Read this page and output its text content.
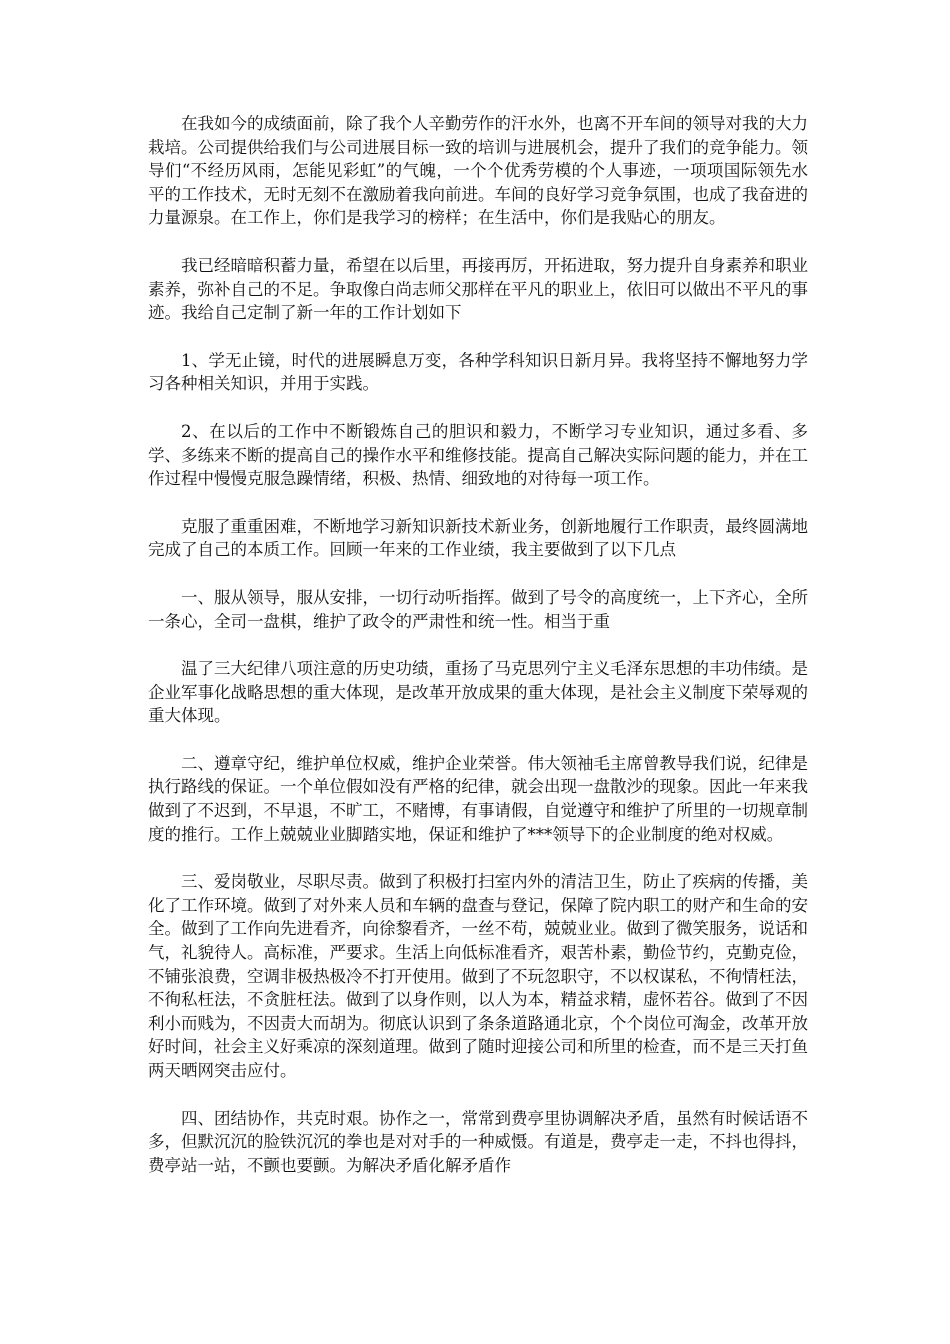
在我如今的成绩面前，除了我个人辛勤劳作的汗水外，也离不开车间的领导对我的大力栽培。公司提供给我们与公司进展目标一致的培训与进展机会，提升了我们的竞争能力。领导们“不经历风雨，怎能见彩虹”的气魄，一个个优秀劳模的个人事迹，一项项国际领先水平的工作技术，无时无刻不在激励着我向前进。车间的良好学习竞争氛围，也成了我奋进的力量源泉。在工作上，你们是我学习的榜样；在生活中，你们是我贴心的朋友。

我已经暗暗积蓄力量，希望在以后里，再接再厉，开拓进取，努力提升自身素养和职业素养，弥补自己的不足。争取像白尚志师父那样在平凡的职业上，依旧可以做出不平凡的事迹。我给自己定制了新一年的工作计划如下

1、学无止镜，时代的进展瞬息万变，各种学科知识日新月异。我将坚持不懈地努力学习各种相关知识，并用于实践。

2、在以后的工作中不断锻炼自己的胆识和毅力，不断学习专业知识，通过多看、多学、多练来不断的提高自己的操作水平和维修技能。提高自己解决实际问题的能力，并在工作过程中慢慢克服急躁情绪，积极、热情、细致地的对待每一项工作。

克服了重重困难，不断地学习新知识新技术新业务，创新地履行工作职责，最终圆满地完成了自己的本质工作。回顾一年来的工作业绩，我主要做到了以下几点

一、服从领导，服从安排，一切行动听指挥。做到了号令的高度统一，上下齐心，全所一条心，全司一盘棋，维护了政令的严肃性和统一性。相当于重

温了三大纪律八项注意的历史功绩，重扬了马克思列宁主义毛泽东思想的丰功伟绩。是企业军事化战略思想的重大体现，是改革开放成果的重大体现，是社会主义制度下荣辱观的重大体现。

二、遵章守纪，维护单位权威，维护企业荣誉。伟大领袖毛主席曾教导我们说，纪律是执行路线的保证。一个单位假如没有严格的纪律，就会出现一盘散沙的现象。因此一年来我做到了不迟到，不早退，不旷工，不赌博，有事请假，自觉遵守和维护了所里的一切规章制度的推行。工作上兢兢业业脚踏实地，保证和维护了***领导下的企业制度的绝对权威。

三、爱岗敬业，尽职尽责。做到了积极打扫室内外的清洁卫生，防止了疾病的传播，美化了工作环境。做到了对外来人员和车辆的盘查与登记，保障了院内职工的财产和生命的安全。做到了工作向先进看齐，向徐黎看齐，一丝不苟，兢兢业业。做到了微笑服务，说话和气，礼貌待人。高标准，严要求。生活上向低标准看齐，艰苦朴素，勤俭节约，克勤克俭，不铺张浪费，空调非极热极冷不打开使用。做到了不玩忽职守，不以权谋私，不徇情枉法，不徇私枉法，不贪脏枉法。做到了以身作则，以人为本，精益求精，虚怀若谷。做到了不因利小而贱为，不因责大而胡为。彻底认识到了条条道路通北京，个个岗位可淘金，改革开放好时间，社会主义好乘凉的深刻道理。做到了随时迎接公司和所里的检查，而不是三天打鱼两天晒网突击应付。

四、团结协作，共克时艰。协作之一，常常到费亭里协调解决矛盾，虽然有时候话语不多，但默沉沉的脸铁沉沉的拳也是对对手的一种威慑。有道是，费亭走一走，不抖也得抖，费亭站一站，不颤也要颤。为解决矛盾化解矛盾作
